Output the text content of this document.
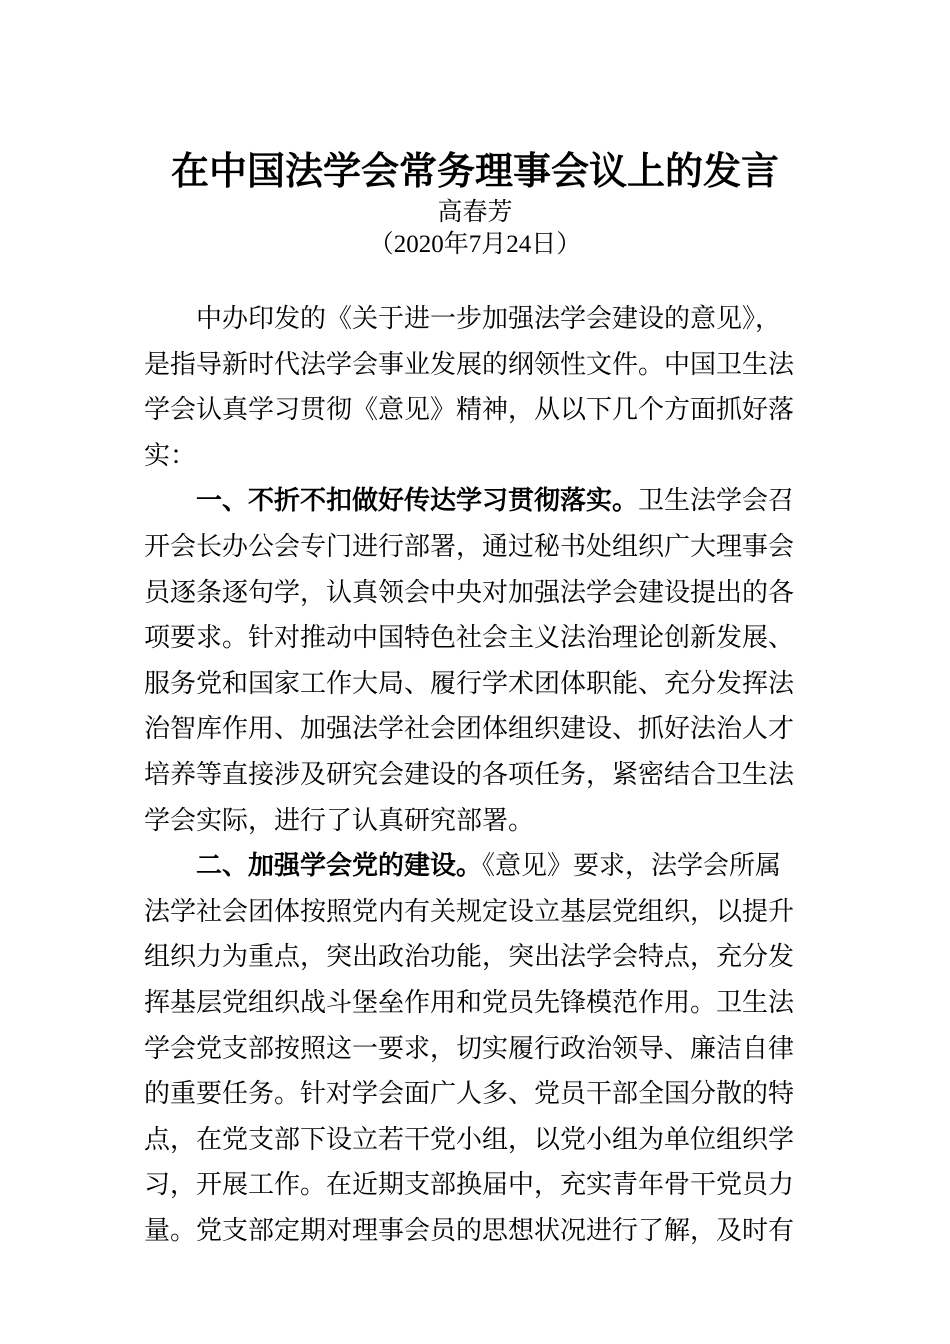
在中国法学会常务理事会议上的发言
高春芳
（2020年7月24日）
中办印发的《关于进一步加强法学会建设的意见》，
是指导新时代法学会事业发展的纲领性文件。中国卫生法
学会认真学习贯彻《意见》精神，从以下几个方面抓好落
实：
一、不折不扣做好传达学习贯彻落实。卫生法学会召
开会长办公会专门进行部署，通过秘书处组织广大理事会
员逐条逐句学，认真领会中央对加强法学会建设提出的各
项要求。针对推动中国特色社会主义法治理论创新发展、
服务党和国家工作大局、履行学术团体职能、充分发挥法
治智库作用、加强法学社会团体组织建设、抓好法治人才
培养等直接涉及研究会建设的各项任务，紧密结合卫生法
学会实际，进行了认真研究部署。
二、加强学会党的建设。《意见》要求，法学会所属
法学社会团体按照党内有关规定设立基层党组织，以提升
组织力为重点，突出政治功能，突出法学会特点，充分发
挥基层党组织战斗堡垒作用和党员先锋模范作用。卫生法
学会党支部按照这一要求，切实履行政治领导、廉洁自律
的重要任务。针对学会面广人多、党员干部全国分散的特
点，在党支部下设立若干党小组，以党小组为单位组织学
习，开展工作。在近期支部换届中，充实青年骨干党员力
量。党支部定期对理事会员的思想状况进行了解，及时有
